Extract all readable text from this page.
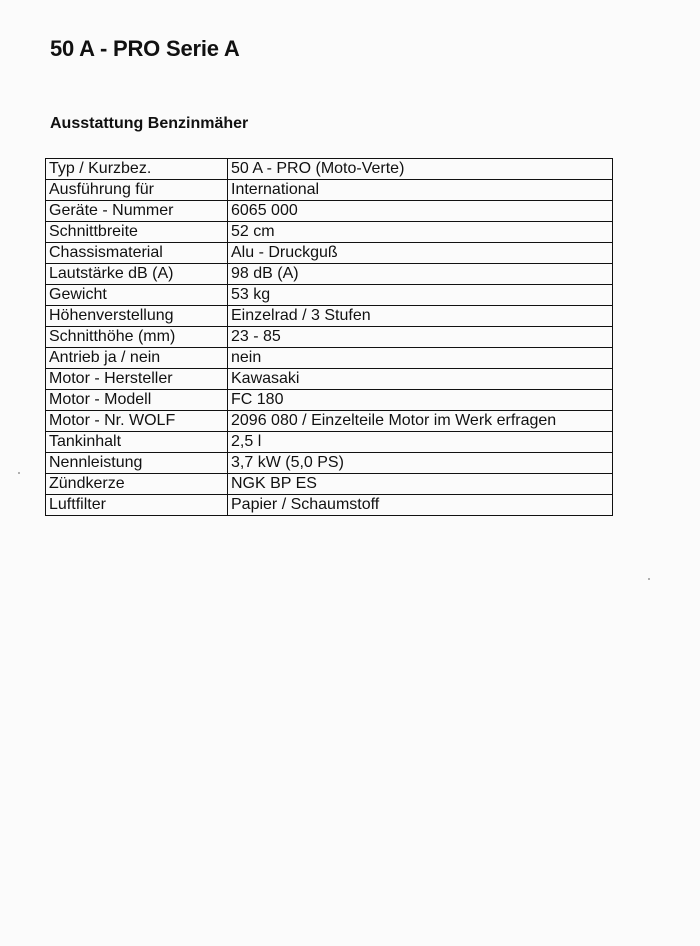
50 A - PRO Serie A
Ausstattung Benzinmäher
Typ / Kurzbez.	50 A - PRO (Moto-Verte)
Ausführung für	International
Geräte - Nummer	6065 000
Schnittbreite	52 cm
Chassismaterial	Alu - Druckguß
Lautstärke dB (A)	98 dB (A)
Gewicht	53 kg
Höhenverstellung	Einzelrad / 3 Stufen
Schnitthöhe (mm)	23 - 85
Antrieb ja / nein	nein
Motor - Hersteller	Kawasaki
Motor - Modell	FC 180
Motor - Nr. WOLF	2096 080 / Einzelteile Motor im Werk erfragen
Tankinhalt	2,5 l
Nennleistung	3,7 kW (5,0 PS)
Zündkerze	NGK BP ES
Luftfilter	Papier / Schaumstoff
